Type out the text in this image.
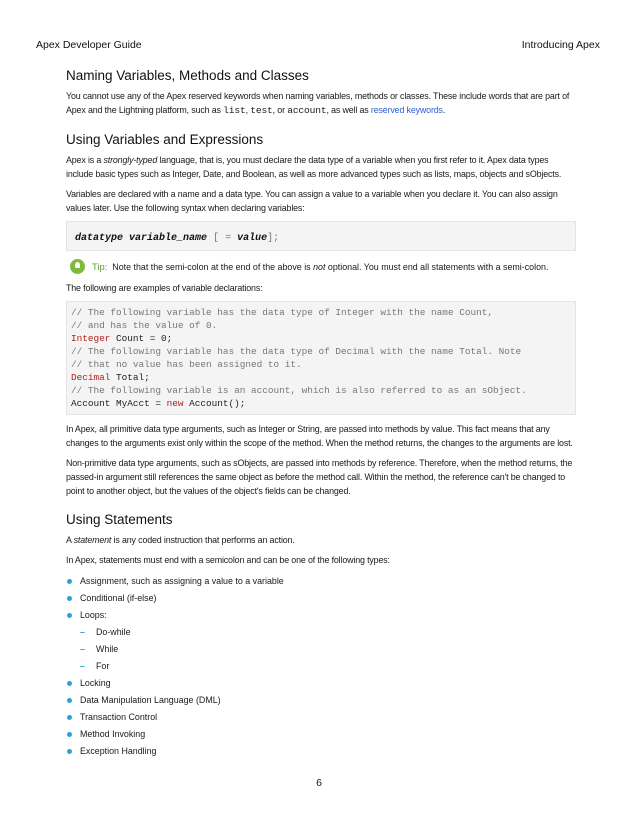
Apex Developer Guide	Introducing Apex
Naming Variables, Methods and Classes

You cannot use any of the Apex reserved keywords when naming variables, methods or classes. These include words that are part of Apex and the Lightning platform, such as list, test, or account, as well as reserved keywords.

Using Variables and Expressions

Apex is a strongly-typed language, that is, you must declare the data type of a variable when you first refer to it. Apex data types include basic types such as Integer, Date, and Boolean, as well as more advanced types such as lists, maps, objects and sObjects.

Variables are declared with a name and a data type. You can assign a value to a variable when you declare it. You can also assign values later. Use the following syntax when declaring variables:

datatype variable_name [ = value];
Tip: Note that the semi-colon at the end of the above is not optional. You must end all statements with a semi-colon.

The following are examples of variable declarations:

// The following variable has the data type of Integer with the name Count,
// and has the value of 0.
Integer Count = 0;
// The following variable has the data type of Decimal with the name Total. Note
// that no value has been assigned to it.
Decimal Total;
// The following variable is an account, which is also referred to as an sObject.
Account MyAcct = new Account();

In Apex, all primitive data type arguments, such as Integer or String, are passed into methods by value. This fact means that any changes to the arguments exist only within the scope of the method. When the method returns, the changes to the arguments are lost.

Non-primitive data type arguments, such as sObjects, are passed into methods by reference. Therefore, when the method returns, the passed-in argument still references the same object as before the method call. Within the method, the reference can't be changed to point to another object, but the values of the object's fields can be changed.

Using Statements

A statement is any coded instruction that performs an action.

In Apex, statements must end with a semicolon and can be one of the following types:

Assignment, such as assigning a value to a variable
Conditional (if-else)
Loops:
– Do-while
– While
– For
Locking
Data Manipulation Language (DML)
Transaction Control
Method Invoking
Exception Handling
6
